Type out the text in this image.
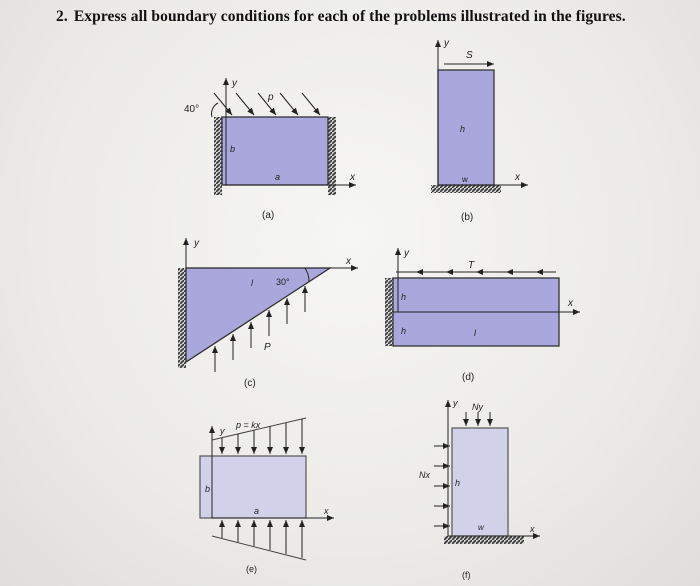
2. Express all boundary conditions for each of the problems illustrated in the figures.
40°
p
y
x
b
a
(a)
y
S
h
w	x
(b)
y
x
30°
l
P
(c)
y
T
h
h	l
x
(d)
y
p = kx
b
a	x
(e)
y Ny
Nx
h
w	x
(f)
